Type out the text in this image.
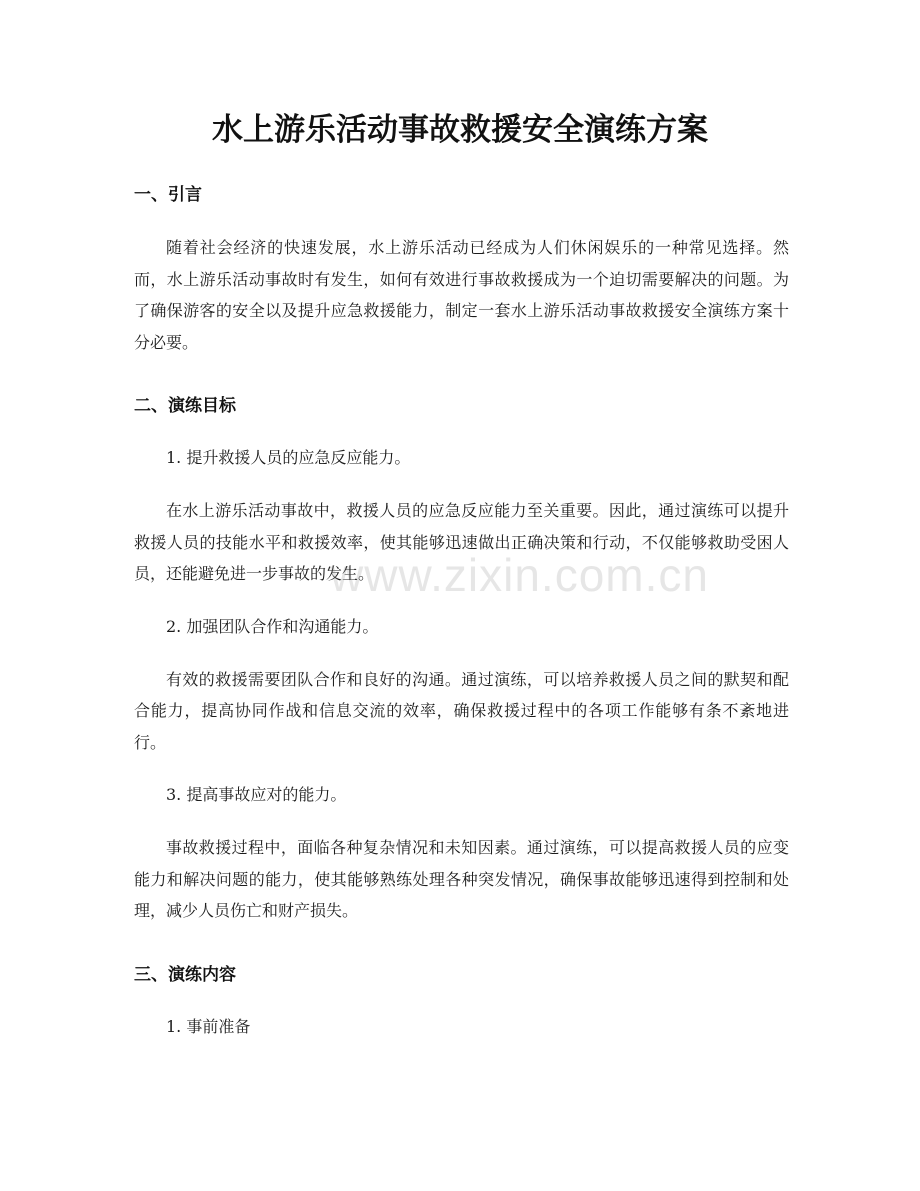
水上游乐活动事故救援安全演练方案

一、引言

随着社会经济的快速发展，水上游乐活动已经成为人们休闲娱乐的一种常见选择。然而，水上游乐活动事故时有发生，如何有效进行事故救援成为一个迫切需要解决的问题。为了确保游客的安全以及提升应急救援能力，制定一套水上游乐活动事故救援安全演练方案十分必要。

二、演练目标

1. 提升救援人员的应急反应能力。

在水上游乐活动事故中，救援人员的应急反应能力至关重要。因此，通过演练可以提升救援人员的技能水平和救援效率，使其能够迅速做出正确决策和行动，不仅能够救助受困人员，还能避免进一步事故的发生。

2. 加强团队合作和沟通能力。

有效的救援需要团队合作和良好的沟通。通过演练，可以培养救援人员之间的默契和配合能力，提高协同作战和信息交流的效率，确保救援过程中的各项工作能够有条不紊地进行。

3. 提高事故应对的能力。

事故救援过程中，面临各种复杂情况和未知因素。通过演练，可以提高救援人员的应变能力和解决问题的能力，使其能够熟练处理各种突发情况，确保事故能够迅速得到控制和处理，减少人员伤亡和财产损失。

三、演练内容

1. 事前准备

www.zixin.com.cn
